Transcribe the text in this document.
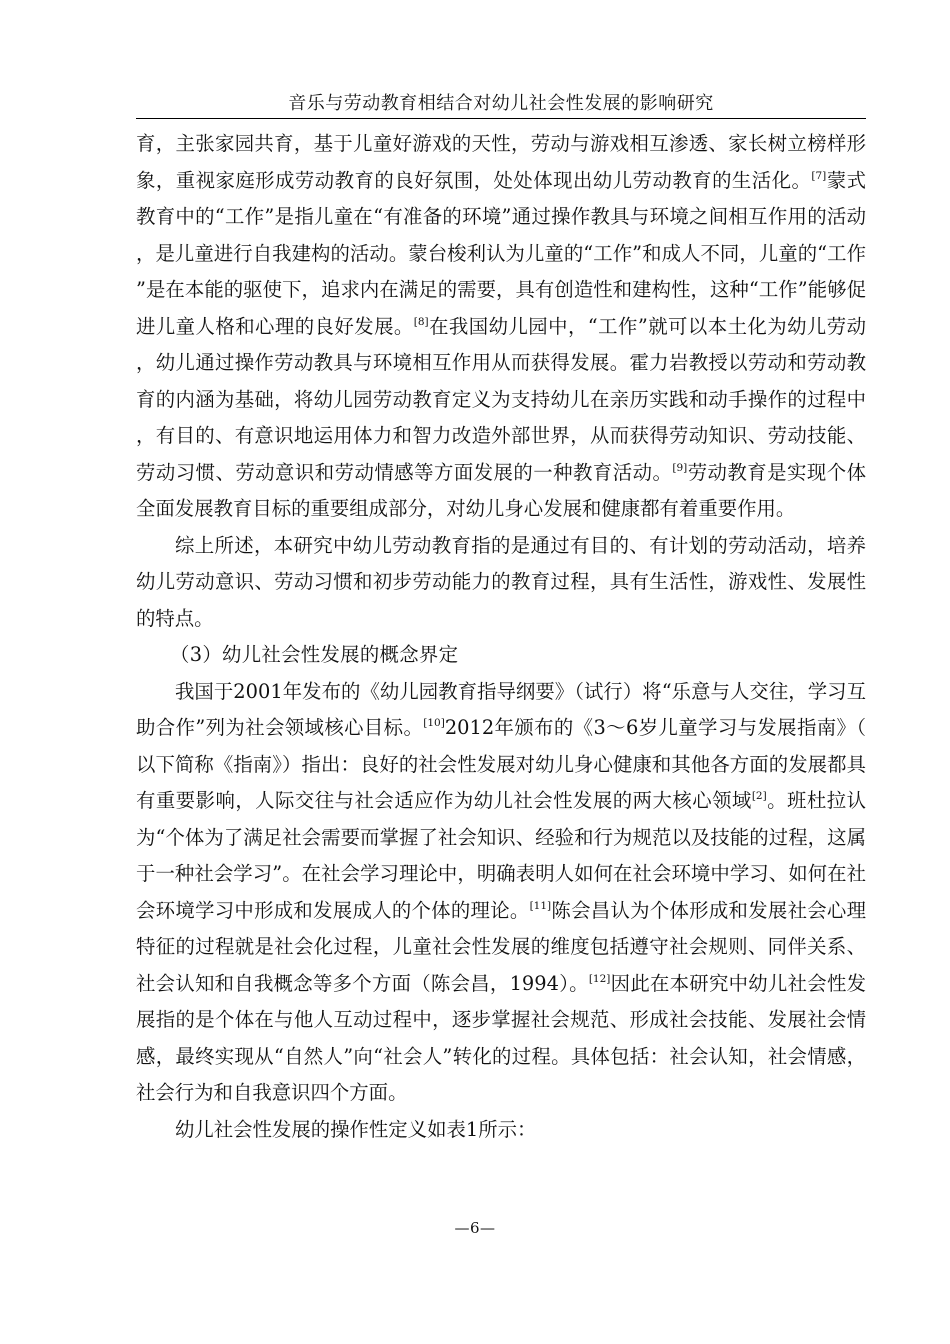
音乐与劳动教育相结合对幼儿社会性发展的影响研究

育，主张家园共育，基于儿童好游戏的天性，劳动与游戏相互渗透、家长树立榜样形象，重视家庭形成劳动教育的良好氛围，处处体现出幼儿劳动教育的生活化。[7]蒙式教育中的“工作”是指儿童在“有准备的环境”通过操作教具与环境之间相互作用的活动，是儿童进行自我建构的活动。蒙台梭利认为儿童的“工作”和成人不同，儿童的“工作”是在本能的驱使下，追求内在满足的需要，具有创造性和建构性，这种“工作”能够促进儿童人格和心理的良好发展。[8]在我国幼儿园中，“工作”就可以本土化为幼儿劳动，幼儿通过操作劳动教具与环境相互作用从而获得发展。霍力岩教授以劳动和劳动教育的内涵为基础，将幼儿园劳动教育定义为支持幼儿在亲历实践和动手操作的过程中，有目的、有意识地运用体力和智力改造外部世界，从而获得劳动知识、劳动技能、劳动习惯、劳动意识和劳动情感等方面发展的一种教育活动。[9]劳动教育是实现个体全面发展教育目标的重要组成部分，对幼儿身心发展和健康都有着重要作用。

综上所述，本研究中幼儿劳动教育指的是通过有目的、有计划的劳动活动，培养幼儿劳动意识、劳动习惯和初步劳动能力的教育过程，具有生活性，游戏性、发展性的特点。

（3）幼儿社会性发展的概念界定

我国于2001年发布的《幼儿园教育指导纲要》（试行）将“乐意与人交往，学习互助合作”列为社会领域核心目标。[10]2012年颁布的《3～6岁儿童学习与发展指南》（以下简称《指南》）指出：良好的社会性发展对幼儿身心健康和其他各方面的发展都具有重要影响，人际交往与社会适应作为幼儿社会性发展的两大核心领域[2]。班杜拉认为“个体为了满足社会需要而掌握了社会知识、经验和行为规范以及技能的过程，这属于一种社会学习”。在社会学习理论中，明确表明人如何在社会环境中学习、如何在社会环境学习中形成和发展成人的个体的理论。[11]陈会昌认为个体形成和发展社会心理特征的过程就是社会化过程，儿童社会性发展的维度包括遵守社会规则、同伴关系、社会认知和自我概念等多个方面（陈会昌，1994）。[12]因此在本研究中幼儿社会性发展指的是个体在与他人互动过程中，逐步掌握社会规范、形成社会技能、发展社会情感，最终实现从“自然人”向“社会人”转化的过程。具体包括：社会认知，社会情感，社会行为和自我意识四个方面。

幼儿社会性发展的操作性定义如表1所示：

—6—
